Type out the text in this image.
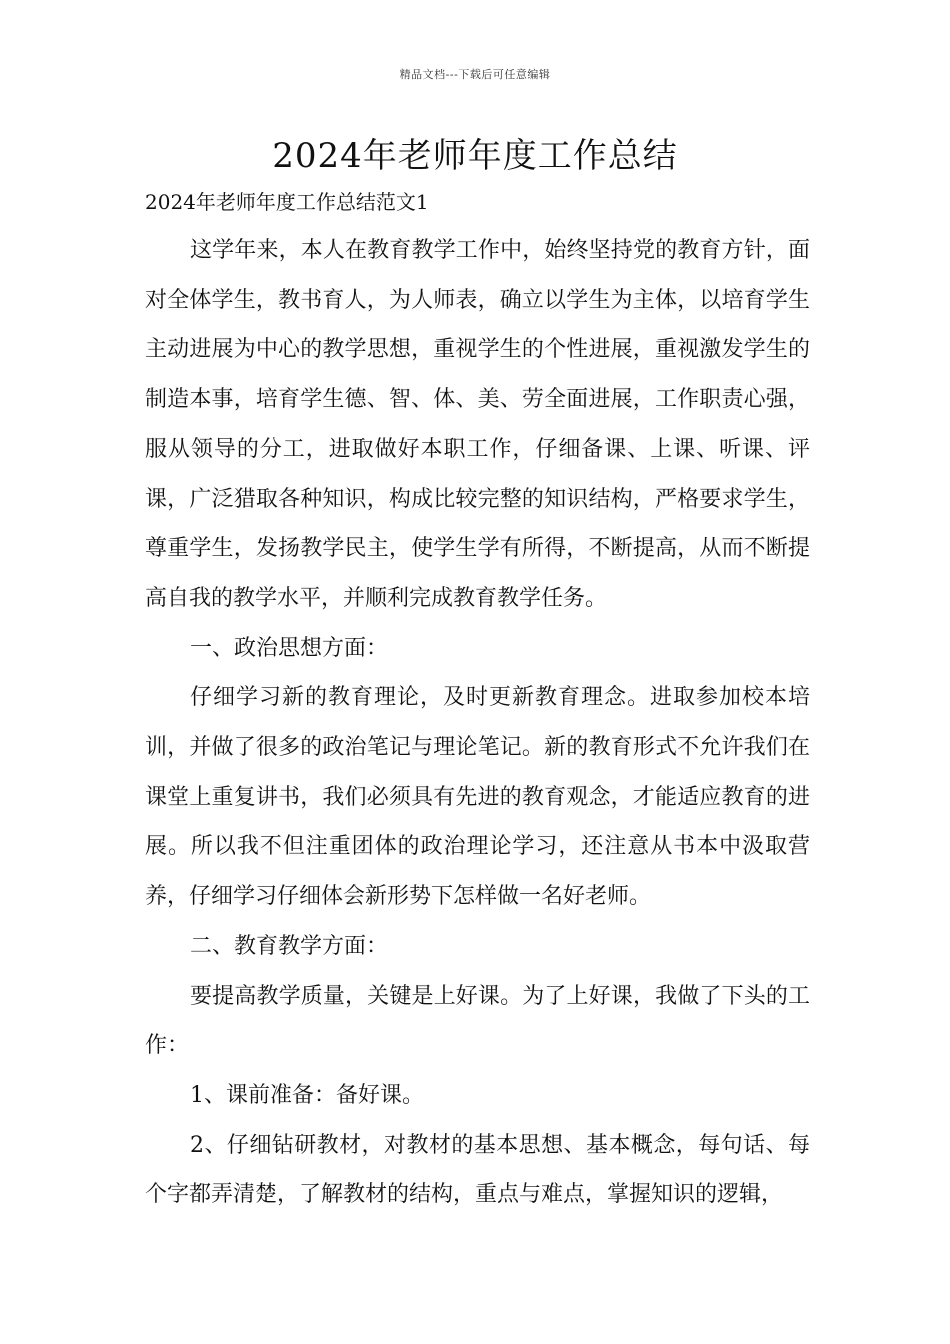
精品文档---下载后可任意编辑
2024年老师年度工作总结

2024年老师年度工作总结范文1

这学年来，本人在教育教学工作中，始终坚持党的教育方针，面对全体学生，教书育人，为人师表，确立以学生为主体，以培育学生主动进展为中心的教学思想，重视学生的个性进展，重视激发学生的制造本事，培育学生德、智、体、美、劳全面进展，工作职责心强，服从领导的分工，进取做好本职工作，仔细备课、上课、听课、评课，广泛猎取各种知识，构成比较完整的知识结构，严格要求学生，尊重学生，发扬教学民主，使学生学有所得，不断提高，从而不断提高自我的教学水平，并顺利完成教育教学任务。

一、政治思想方面：

仔细学习新的教育理论，及时更新教育理念。进取参加校本培训，并做了很多的政治笔记与理论笔记。新的教育形式不允许我们在课堂上重复讲书，我们必须具有先进的教育观念，才能适应教育的进展。所以我不但注重团体的政治理论学习，还注意从书本中汲取营养，仔细学习仔细体会新形势下怎样做一名好老师。

二、教育教学方面：

要提高教学质量，关键是上好课。为了上好课，我做了下头的工作：

1、课前准备：备好课。

2、仔细钻研教材，对教材的基本思想、基本概念，每句话、每个字都弄清楚，了解教材的结构，重点与难点，掌握知识的逻辑，
